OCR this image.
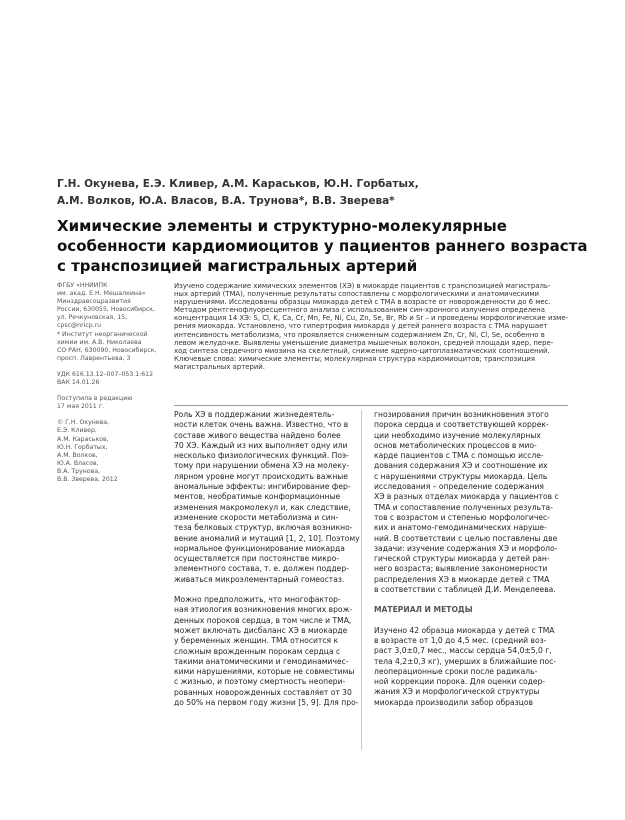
Г.Н. Окунева, Е.Э. Кливер, А.М. Караськов, Ю.Н. Горбатых,
А.М. Волков, Ю.А. Власов, В.А. Трунова*, В.В. Зверева*
Химические элементы и структурно-молекулярные
особенности кардиомиоцитов у пациентов раннего возраста
с транспозицией магистральных артерий
ФГБУ «ННИИПК
им. акад. Е.Н. Мешалкина»
Минздравсоцразвития
России, 630055, Новосибирск,
ул. Речкуновская, 15,
cpsc@nricp.ru
* Институт неорганической
химии им. А.В. Николаева
СО РАН, 630090, Новосибирск,
просп. Лаврентьева, 3
УДК 616.13.12–007–053.1:612
ВАК 14.01.26
Поступила в редакцию
17 мая 2011 г.
© Г.Н. Окунева,
Е.Э. Кливер,
А.М. Караськов,
Ю.Н. Горбатых,
А.М. Волков,
Ю.А. Власов,
В.А. Трунова,
В.В. Зверева, 2012
Изучено содержание химических элементов (ХЭ) в миокарде пациентов с транспозицией магистраль-
ных артерий (ТМА), полученные результаты сопоставлены с морфологическими и анатомическими
нарушениями. Исследованы образцы миокарда детей с ТМА в возрасте от новорожденности до 6 мес.
Методом рентгенофлуоресцентного анализа с использованием син-хронного излучения определена
концентрация 14 ХЭ: S, Cl, K, Ca, Cr, Mn, Fe, Ni, Cu, Zn, Se, Br, Rb и Sr – и проведены морфологические изме-
рения миокарда. Установлено, что гипертрофия миокарда у детей раннего возраста с ТМА нарушает
интенсивность метаболизма, что проявляется сниженным содержанием Zn, Cr, Ni, Cl, Se, особенно в
левом желудочке. Выявлены уменьшение диаметра мышечных волокон, средней площади ядер, пере-
ход синтеза сердечного миозина на скелетный, снижение ядерно-цитоплазматических соотношений.
Ключевые слова: химические элементы; молекулярная структура кардиомиоцитов; транспозиция
магистральных артерий.
Роль ХЭ в поддержании жизнедеятель-
ности клеток очень важна. Известно, что в
составе живого вещества найдено более
70 ХЭ. Каждый из них выполняет одну или
несколько физиологических функций. Поэ-
тому при нарушении обмена ХЭ на молеку-
лярном уровне могут происходить важные
аномальные эффекты: ингибирование фер-
ментов, необратимые конформационные
изменения макромолекул и, как следствие,
изменение скорости метаболизма и син-
теза белковых структур, включая возникно-
вение аномалий и мутаций [1, 2, 10]. Поэтому
нормальное функционирование миокарда
осуществляется при постоянстве микро-
элементного состава, т. е. должен поддер-
живаться микроэлементарный гомеостаз.
Можно предположить, что многофактор-
ная этиология возникновения многих врож-
денных пороков сердца, в том числе и ТМА,
может включать дисбаланс ХЭ в миокарде
у беременных женщин. ТМА относится к
сложным врожденным порокам сердца с
такими анатомическими и гемодинамичес-
кими нарушениями, которые не совместимы
с жизнью, и поэтому смертность неопери-
рованных новорожденных составляет от 30
до 50% на первом году жизни [5, 9]. Для про-
гнозирования причин возникновения этого
порока сердца и соответствующей коррек-
ции необходимо изучение молекулярных
основ метаболических процессов в мио-
карде пациентов с ТМА с помощью иссле-
дования содержания ХЭ и соотношение их
с нарушениями структуры миокарда. Цель
исследования – определение содержания
ХЭ в разных отделах миокарда у пациентов с
ТМА и сопоставление полученных результа-
тов с возрастом и степенью морфологичес-
ких и анатомо-гемодинамических наруше-
ний. В соответствии с целью поставлены две
задачи: изучение содержания ХЭ и морфоло-
гической структуры миокарда у детей ран-
него возраста; выявление закономерности
распределения ХЭ в миокарде детей с ТМА
в соответствии с таблицей Д.И. Менделеева.
МАТЕРИАЛ И МЕТОДЫ
Изучено 42 образца миокарда у детей с ТМА
в возрасте от 1,0 до 4,5 мес. (средний воз-
раст 3,0±0,7 мес., массы сердца 54,0±5,0 г,
тела 4,2±0,3 кг), умерших в ближайшие пос-
леоперационные сроки после радикаль-
ной коррекции порока. Для оценки содер-
жания ХЭ и морфологической структуры
миокарда производили забор образцов
